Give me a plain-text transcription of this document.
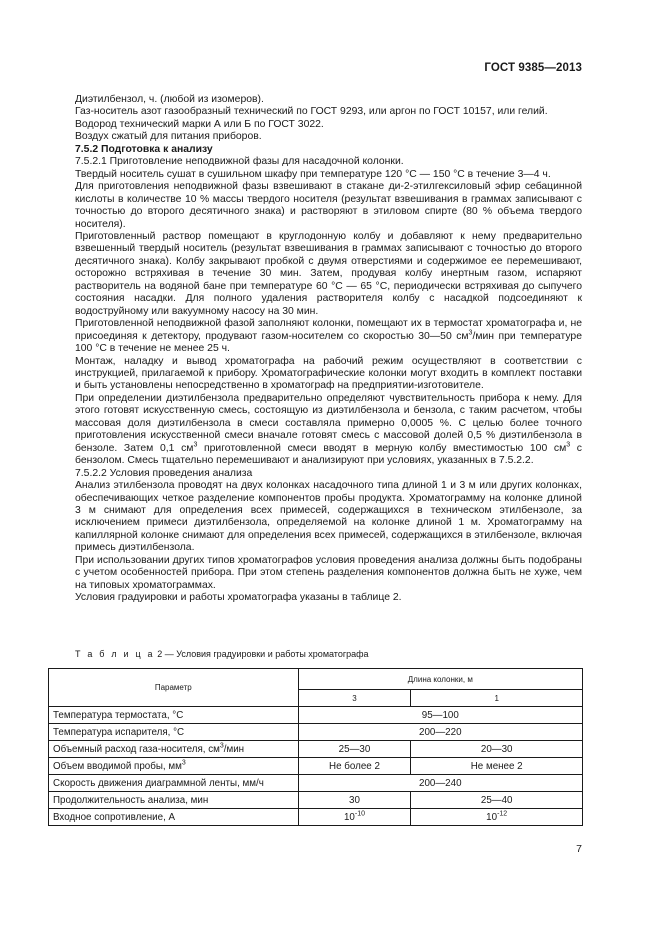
ГОСТ 9385—2013

Диэтилбензол, ч. (любой из изомеров).

Газ-носитель азот газообразный технический по ГОСТ 9293, или аргон по ГОСТ 10157, или гелий.

Водород технический марки А или Б по ГОСТ 3022.

Воздух сжатый для питания приборов.

7.5.2 Подготовка к анализу

7.5.2.1 Приготовление неподвижной фазы для насадочной колонки.

Твердый носитель сушат в сушильном шкафу при температуре 120 °С — 150 °С в течение 3—4 ч.

Для приготовления неподвижной фазы взвешивают в стакане ди-2-этилгексиловый эфир себацинной кислоты в количестве 10 % массы твердого носителя (результат взвешивания в граммах записывают с точностью до второго десятичного знака) и растворяют в этиловом спирте (80 % объема твердого носителя).

Приготовленный раствор помещают в круглодонную колбу и добавляют к нему предварительно взвешенный твердый носитель (результат взвешивания в граммах записывают с точностью до второго десятичного знака). Колбу закрывают пробкой с двумя отверстиями и содержимое ее перемешивают, осторожно встряхивая в течение 30 мин. Затем, продувая колбу инертным газом, испаряют растворитель на водяной бане при температуре 60 °С — 65 °С, периодически встряхивая до сыпучего состояния насадки. Для полного удаления растворителя колбу с насадкой подсоединяют к водоструйному или вакуумному насосу на 30 мин.

Приготовленной неподвижной фазой заполняют колонки, помещают их в термостат хроматографа и, не присоединяя к детектору, продувают газом-носителем со скоростью 30—50 $см^3$/мин при температуре 100 °С в течение не менее 25 ч.

Монтаж, наладку и вывод хроматографа на рабочий режим осуществляют в соответствии с инструкцией, прилагаемой к прибору. Хроматографические колонки могут входить в комплект поставки и быть установлены непосредственно в хроматограф на предприятии-изготовителе.

При определении диэтилбензола предварительно определяют чувствительность прибора к нему. Для этого готовят искусственную смесь, состоящую из диэтилбензола и бензола, с таким расчетом, чтобы массовая доля диэтилбензола в смеси составляла примерно 0,0005 %. С целью более точного приготовления искусственной смеси вначале готовят смесь с массовой долей 0,5 % диэтилбензола в бензоле. Затем 0,1 $см^3$ приготовленной смеси вводят в мерную колбу вместимостью 100 $см^3$ с бензолом. Смесь тщательно перемешивают и анализируют при условиях, указанных в 7.5.2.2.

7.5.2.2 Условия проведения анализа

Анализ этилбензола проводят на двух колонках насадочного типа длиной 1 и 3 м или других колонках, обеспечивающих четкое разделение компонентов пробы продукта. Хроматограмму на колонке длиной 3 м снимают для определения всех примесей, содержащихся в техническом этилбензоле, за исключением примеси диэтилбензола, определяемой на колонке длиной 1 м. Хроматограмму на капиллярной колонке снимают для определения всех примесей, содержащихся в этилбензоле, включая примесь диэтилбензола.

При использовании других типов хроматографов условия проведения анализа должны быть подобраны с учетом особенностей прибора. При этом степень разделения компонентов должна быть не хуже, чем на типовых хроматограммах.

Условия градуировки и работы хроматографа указаны в таблице 2.

Т а б л и ц а 2 — Условия градуировки и работы хроматографа
Параметр	Длина колонки, м	
	3	1
Температура термостата, °С	95—100	
Температура испарителя, °С	200—220	
Объемный расход газа-носителя, $см^3$/мин	25—30	20—30
Объем вводимой пробы, $мм^3$	Не более 2	Не менее 2
Скорость движения диаграммной ленты, мм/ч	200—240	
Продолжительность анализа, мин	30	25—40
Входное сопротивление, А	$10^{-10}$	$10^{-12}$
7
